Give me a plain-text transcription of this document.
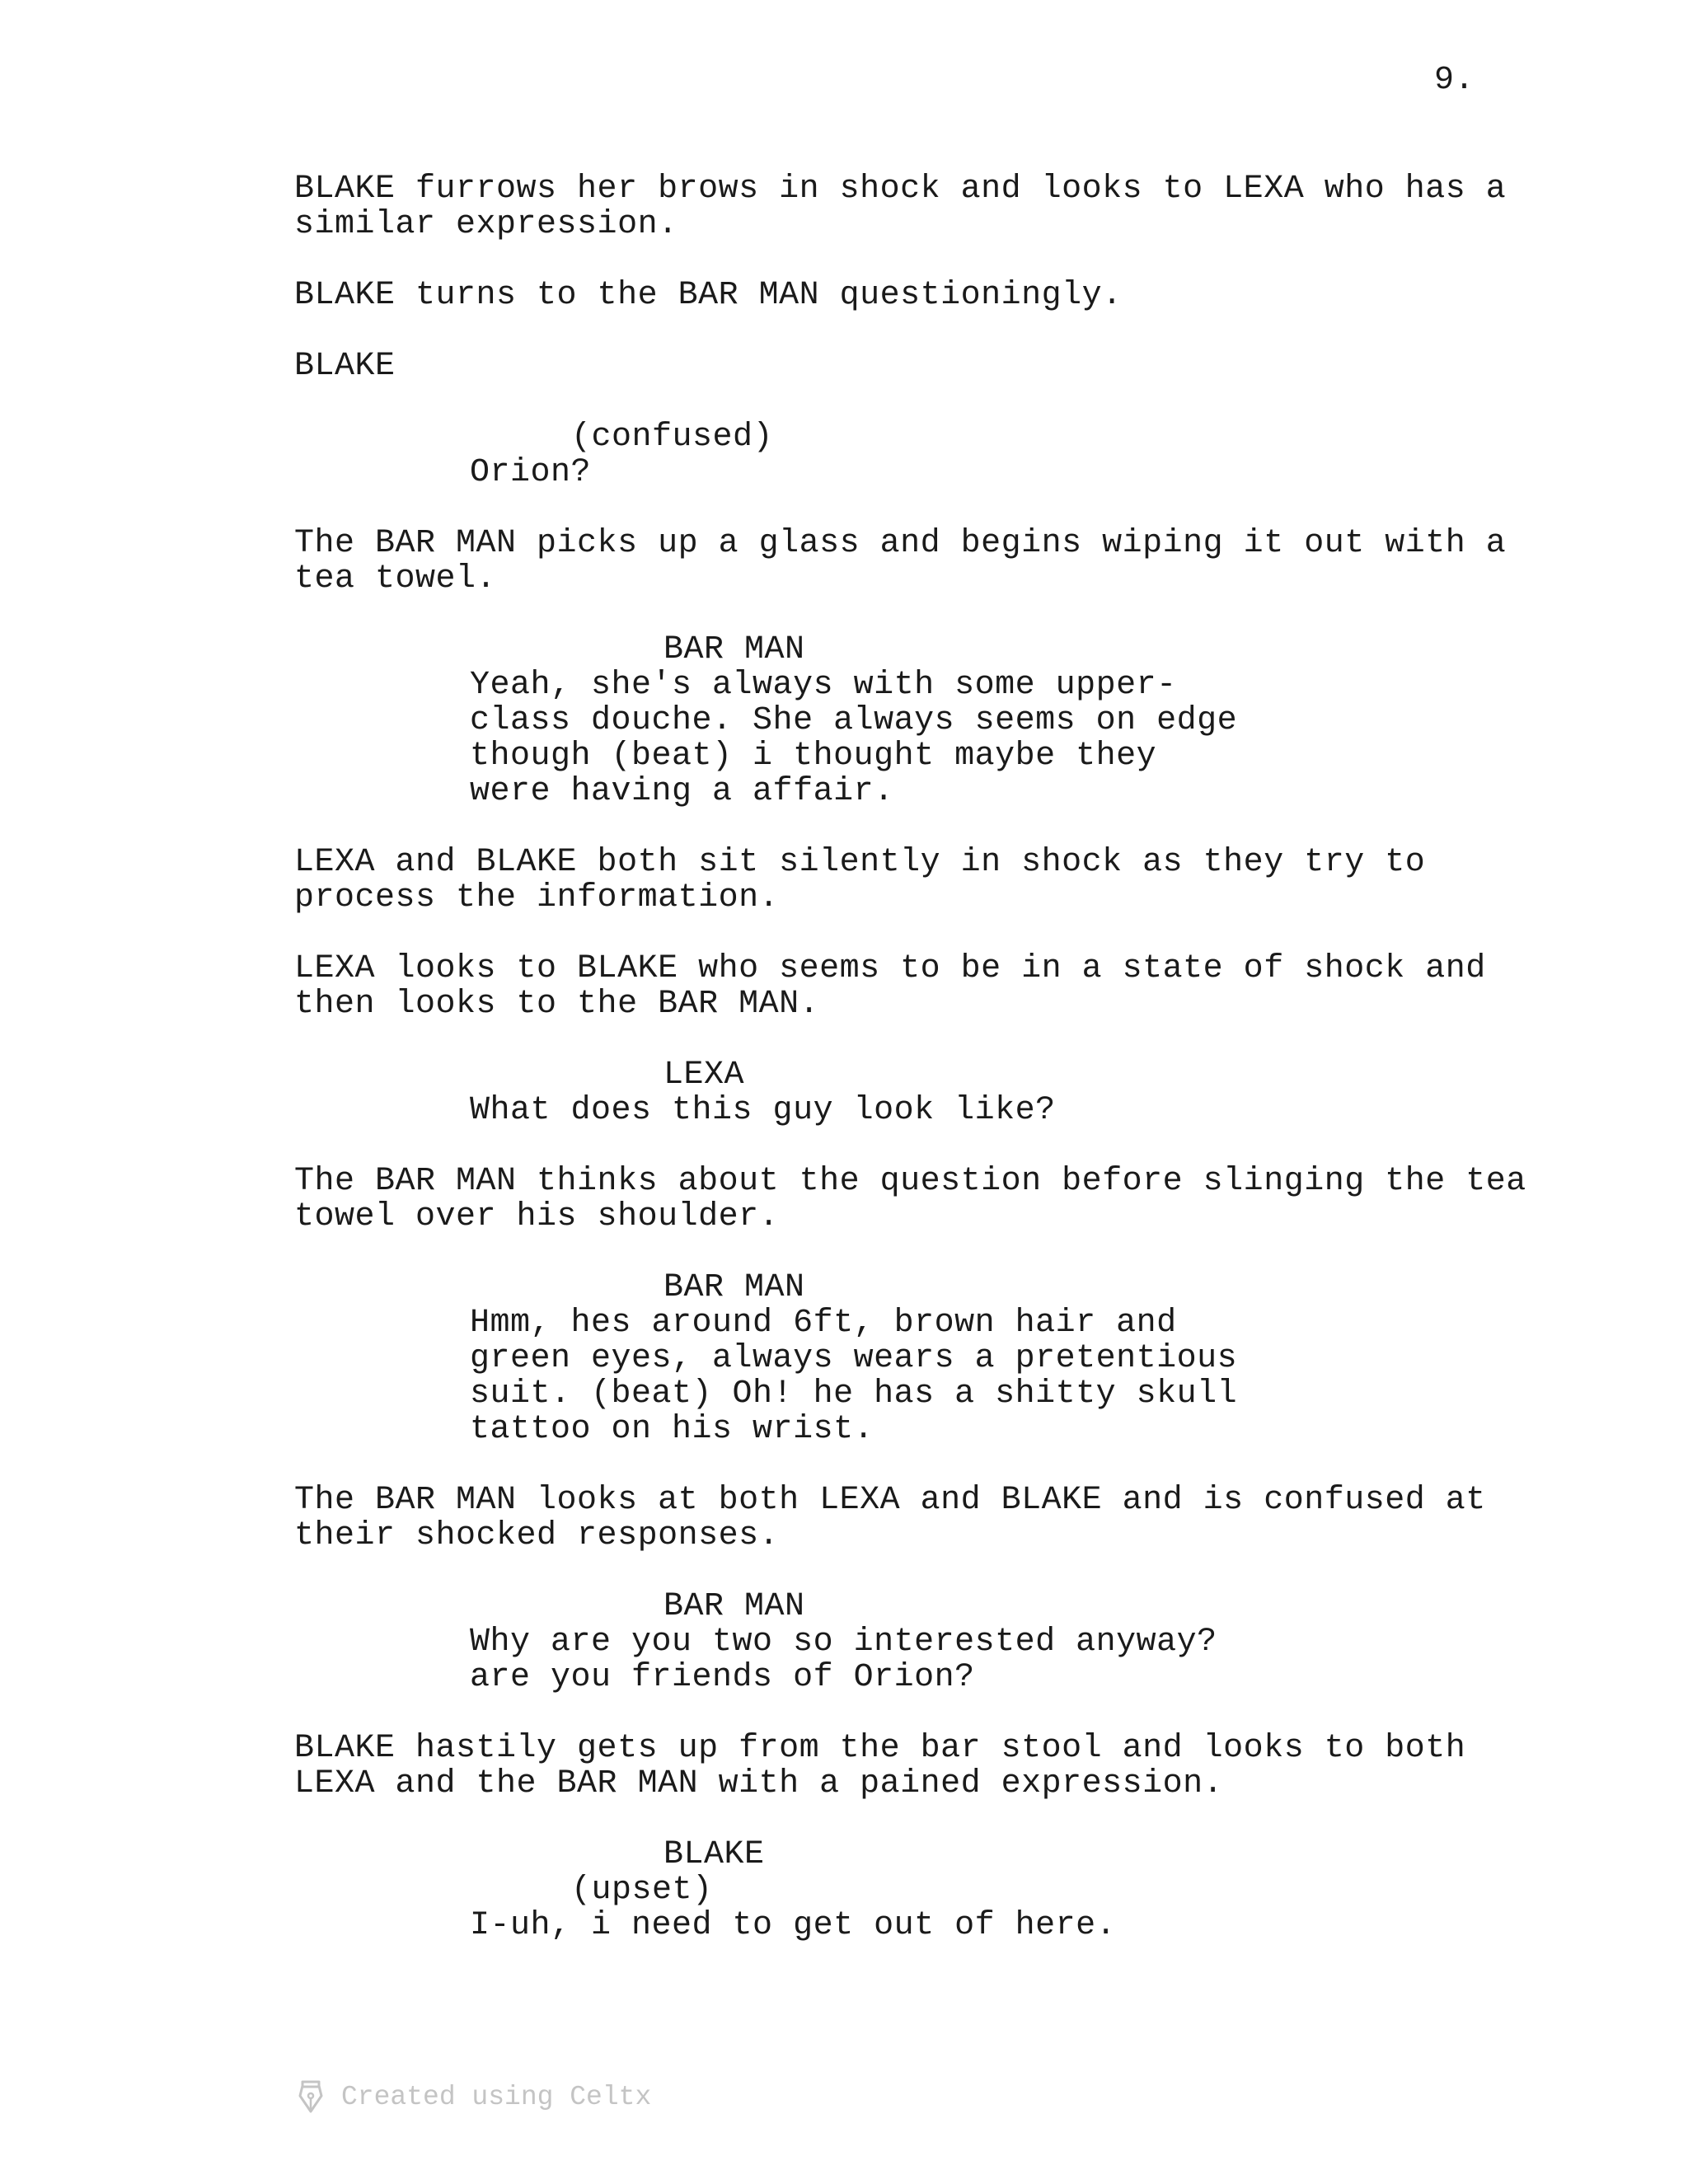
9.
BLAKE furrows her brows in shock and looks to LEXA who has a
similar expression.
BLAKE turns to the BAR MAN questioningly.
BLAKE
(confused)
Orion?
The BAR MAN picks up a glass and begins wiping it out with a
tea towel.
BAR MAN
Yeah, she's always with some upper-
class douche. She always seems on edge
though (beat) i thought maybe they
were having a affair.
LEXA and BLAKE both sit silently in shock as they try to
process the information.
LEXA looks to BLAKE who seems to be in a state of shock and
then looks to the BAR MAN.
LEXA
What does this guy look like?
The BAR MAN thinks about the question before slinging the tea
towel over his shoulder.
BAR MAN
Hmm, hes around 6ft, brown hair and
green eyes, always wears a pretentious
suit. (beat) Oh! he has a shitty skull
tattoo on his wrist.
The BAR MAN looks at both LEXA and BLAKE and is confused at
their shocked responses.
BAR MAN
Why are you two so interested anyway?
are you friends of Orion?
BLAKE hastily gets up from the bar stool and looks to both
LEXA and the BAR MAN with a pained expression.
BLAKE
(upset)
I-uh, i need to get out of here.
Created using Celtx
